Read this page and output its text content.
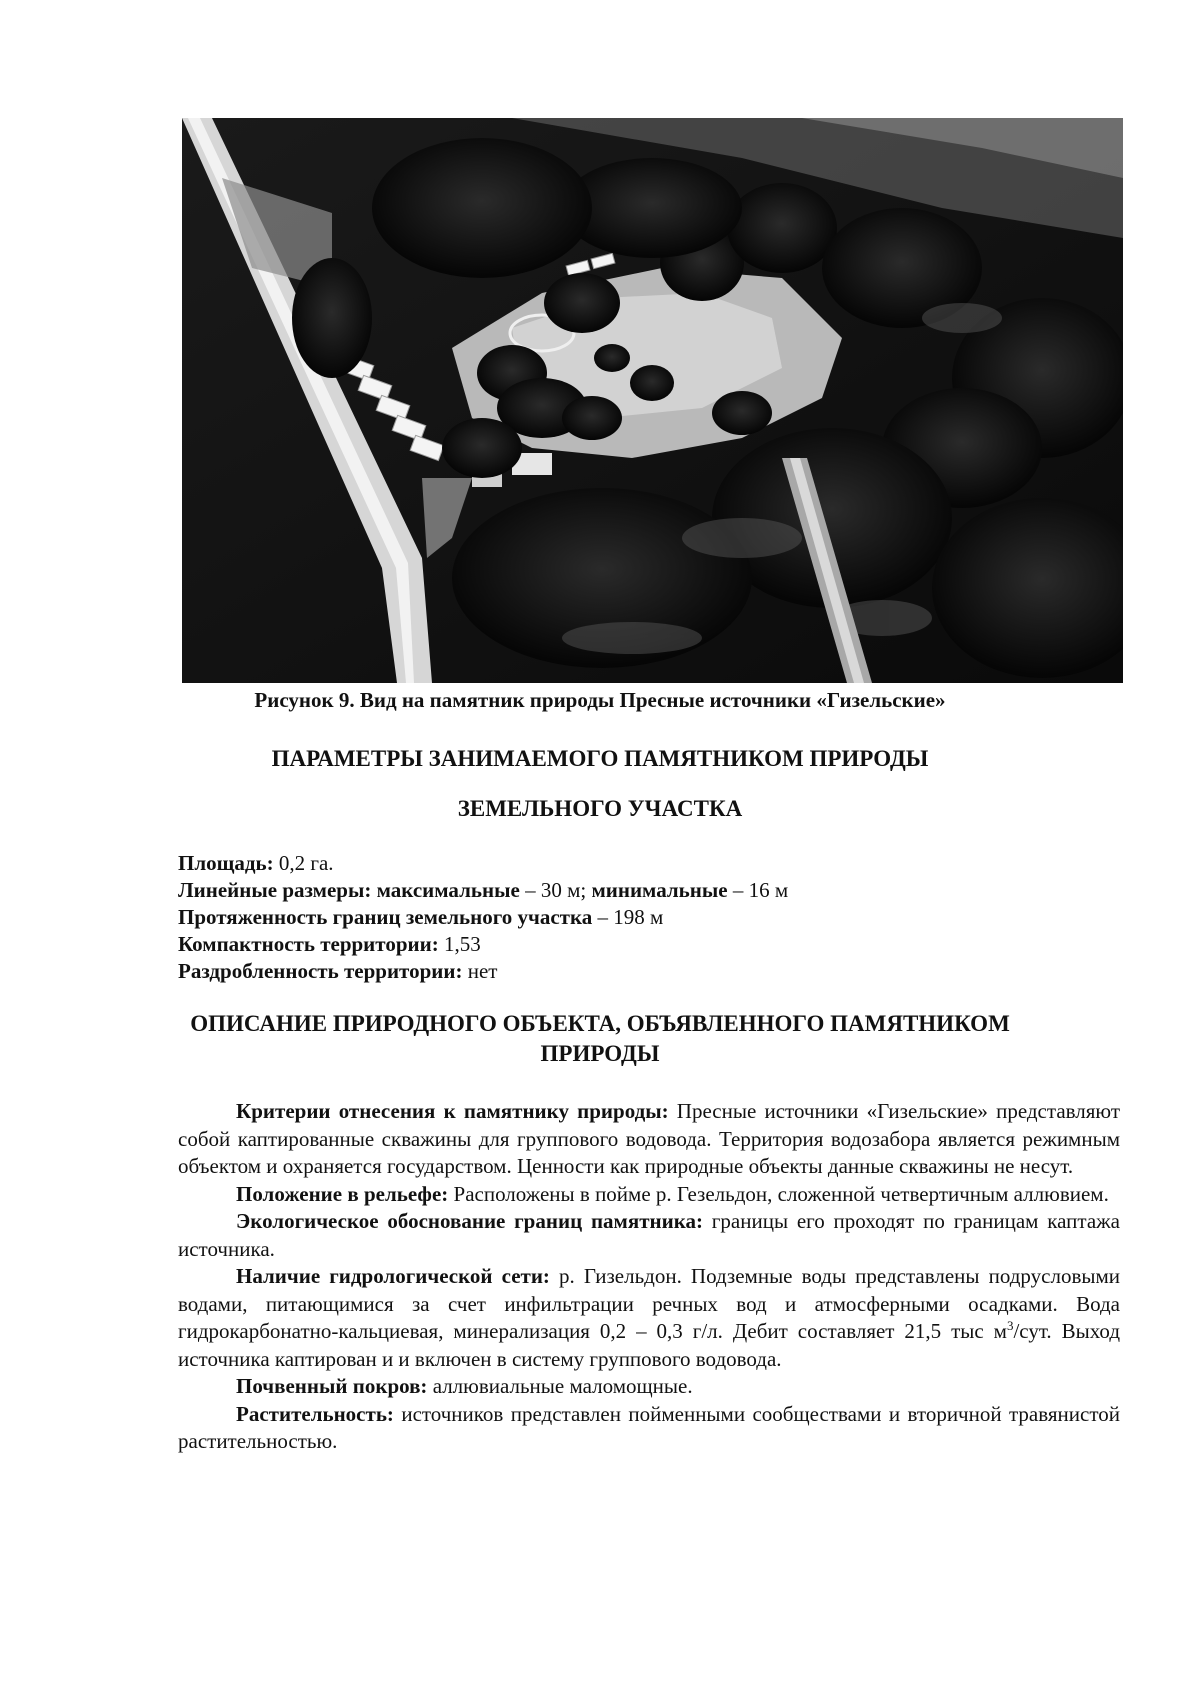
Рисунок 9. Вид на памятник природы Пресные источники «Гизельские»
ПАРАМЕТРЫ ЗАНИМАЕМОГО ПАМЯТНИКОМ ПРИРОДЫ
ЗЕМЕЛЬНОГО УЧАСТКА
Площадь: 0,2 га.
Линейные размеры: максимальные – 30 м; минимальные – 16 м
Протяженность границ земельного участка – 198 м
Компактность территории: 1,53
Раздробленность территории: нет
ОПИСАНИЕ ПРИРОДНОГО ОБЪЕКТА, ОБЪЯВЛЕННОГО ПАМЯТНИКОМ
ПРИРОДЫ

Критерии отнесения к памятнику природы: Пресные источники «Гизельские» представляют собой каптированные скважины для группового водовода. Территория водозабора является режимным объектом и охраняется государством. Ценности как природные объекты данные скважины не несут.

Положение в рельефе: Расположены в пойме р. Гезельдон, сложенной четвертичным аллювием.

Экологическое обоснование границ памятника: границы его проходят по границам каптажа источника.

Наличие гидрологической сети: р. Гизельдон. Подземные воды представлены подрусловыми водами, питающимися за счет инфильтрации речных вод и атмосферными осадками. Вода гидрокарбонатно-кальциевая, минерализация 0,2 – 0,3 г/л. Дебит составляет 21,5 тыс $м^3$/сут. Выход источника каптирован и и включен в систему группового водовода.

Почвенный покров: аллювиальные маломощные.

Растительность: источников представлен пойменными сообществами и вторичной травянистой растительностью.
